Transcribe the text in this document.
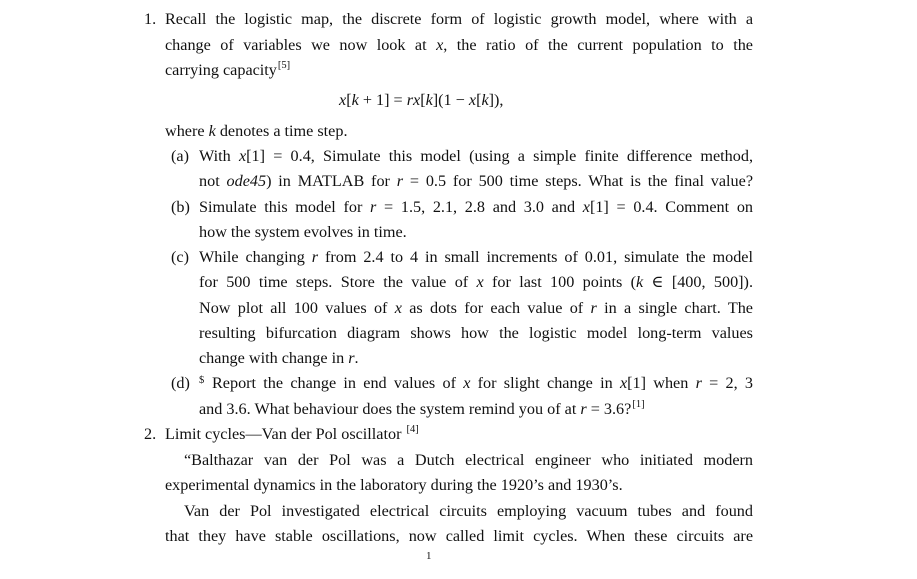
1. Recall the logistic map, the discrete form of logistic growth model, where with a
change of variables we now look at x, the ratio of the current population to the
carrying capacity[5]
x[k + 1] = rx[k](1 − x[k]),
where k denotes a time step.
(a) With x[1] = 0.4, Simulate this model (using a simple finite difference method,
not ode45) in MATLAB for r = 0.5 for 500 time steps. What is the final value?
(b) Simulate this model for r = 1.5, 2.1, 2.8 and 3.0 and x[1] = 0.4. Comment on
how the system evolves in time.
(c) While changing r from 2.4 to 4 in small increments of 0.01, simulate the model
for 500 time steps. Store the value of x for last 100 points (k ∈ [400, 500]).
Now plot all 100 values of x as dots for each value of r in a single chart. The
resulting bifurcation diagram shows how the logistic model long-term values
change with change in r.
(d) $ Report the change in end values of x for slight change in x[1] when r = 2, 3
and 3.6. What behaviour does the system remind you of at r = 3.6?[1]
2. Limit cycles—Van der Pol oscillator [4]
“Balthazar van der Pol was a Dutch electrical engineer who initiated modern
experimental dynamics in the laboratory during the 1920’s and 1930’s.
Van der Pol investigated electrical circuits employing vacuum tubes and found
that they have stable oscillations, now called limit cycles. When these circuits are
1
